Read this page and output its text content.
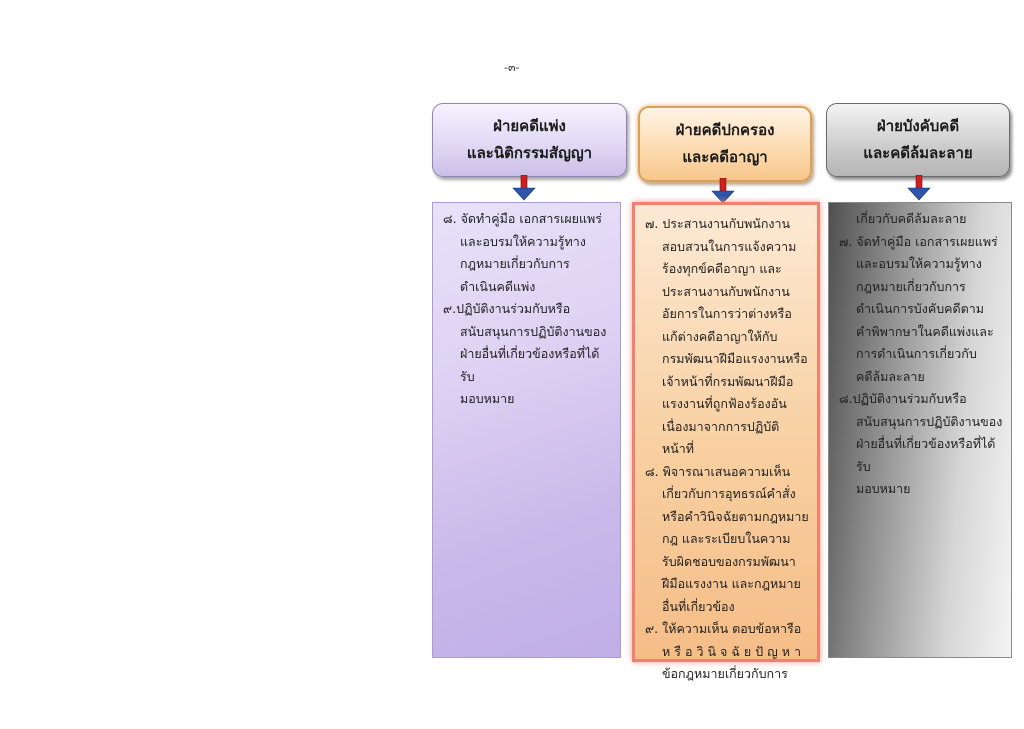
-๓-
ฝ่ายคดีแพ่ง
และนิติกรรมสัญญา
ฝ่ายคดีปกครอง
และคดีอาญา
ฝ่ายบังคับคดี
และคดีล้มละลาย
๘. จัดทำคู่มือ เอกสารเผยแพร่
และอบรมให้ความรู้ทาง
กฎหมายเกี่ยวกับการ
ดำเนินคดีแพ่ง
๙.ปฏิบัติงานร่วมกับหรือ
สนับสนุนการปฏิบัติงานของ
ฝ่ายอื่นที่เกี่ยวข้องหรือที่ได้รับ
มอบหมาย
๗. ประสานงานกับพนักงาน
สอบสวนในการแจ้งความ
ร้องทุกข์คดีอาญา และ
ประสานงานกับพนักงาน
อัยการในการว่าต่างหรือ
แก้ต่างคดีอาญาให้กับ
กรมพัฒนาฝีมือแรงงานหรือ
เจ้าหน้าที่กรมพัฒนาฝีมือ
แรงงานที่ถูกฟ้องร้องอัน
เนื่องมาจากการปฏิบัติหน้าที่
๘. พิจารณาเสนอความเห็น
เกี่ยวกับการอุทธรณ์คำสั่ง
หรือคำวินิจฉัยตามกฎหมาย
กฎ และระเบียบในความ
รับผิดชอบของกรมพัฒนา
ฝีมือแรงงาน และกฎหมาย
อื่นที่เกี่ยวข้อง
๙. ให้ความเห็น ตอบข้อหารือ
หรือวินิจฉัยปัญหา
ข้อกฎหมายเกี่ยวกับการ
เกี่ยวกับคดีล้มละลาย
๗. จัดทำคู่มือ เอกสารเผยแพร่
และอบรมให้ความรู้ทาง
กฎหมายเกี่ยวกับการ
ดำเนินการบังคับคดีตาม
คำพิพากษาในคดีแพ่งและ
การดำเนินการเกี่ยวกับ
คดีล้มละลาย
๘.ปฏิบัติงานร่วมกับหรือ
สนับสนุนการปฏิบัติงานของ
ฝ่ายอื่นที่เกี่ยวข้องหรือที่ได้รับ
มอบหมาย
